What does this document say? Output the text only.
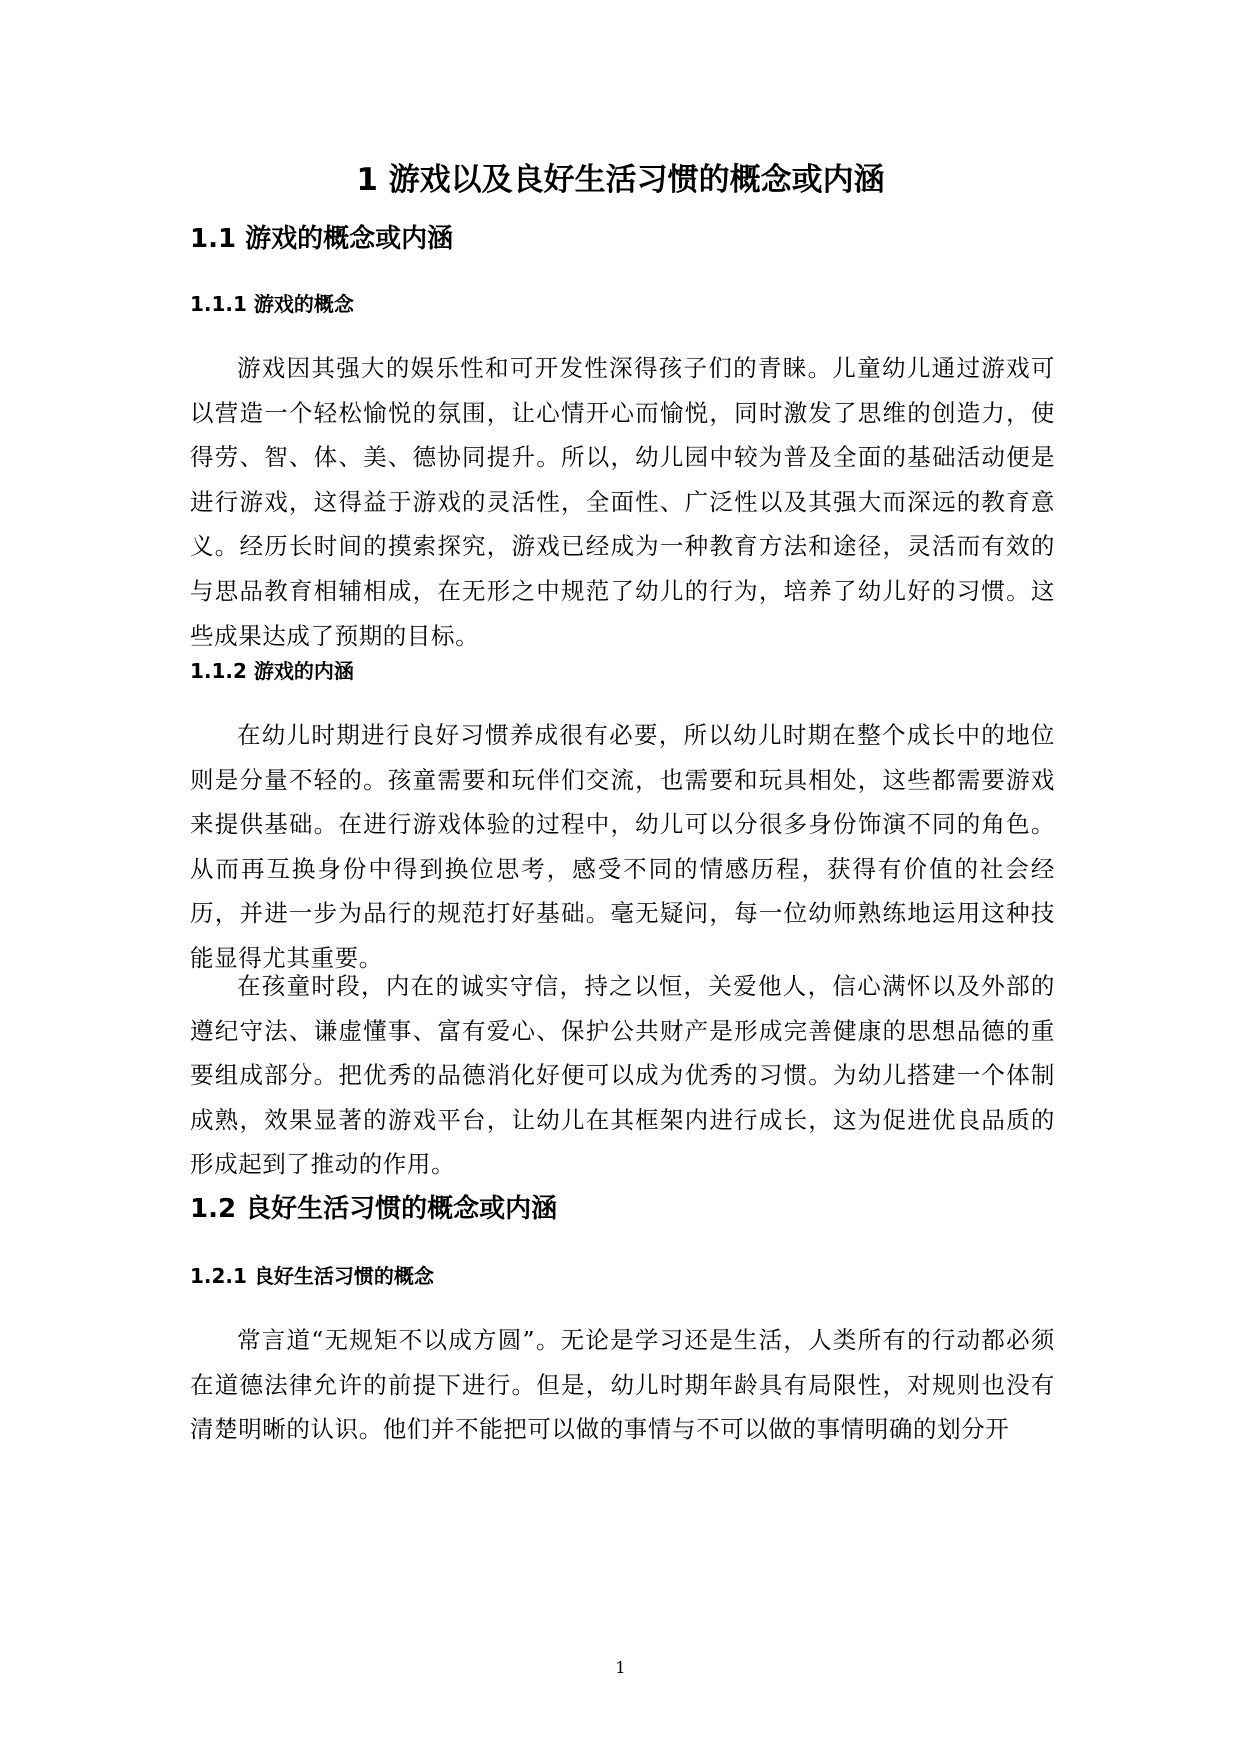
1 游戏以及良好生活习惯的概念或内涵
1.1 游戏的概念或内涵
1.1.1 游戏的概念

游戏因其强大的娱乐性和可开发性深得孩子们的青睐。儿童幼儿通过游戏可以营造一个轻松愉悦的氛围，让心情开心而愉悦，同时激发了思维的创造力，使得劳、智、体、美、德协同提升。所以，幼儿园中较为普及全面的基础活动便是进行游戏，这得益于游戏的灵活性，全面性、广泛性以及其强大而深远的教育意义。经历长时间的摸索探究，游戏已经成为一种教育方法和途径，灵活而有效的与思品教育相辅相成，在无形之中规范了幼儿的行为，培养了幼儿好的习惯。这些成果达成了预期的目标。

1.1.2 游戏的内涵

在幼儿时期进行良好习惯养成很有必要，所以幼儿时期在整个成长中的地位则是分量不轻的。孩童需要和玩伴们交流，也需要和玩具相处，这些都需要游戏来提供基础。在进行游戏体验的过程中，幼儿可以分很多身份饰演不同的角色。从而再互换身份中得到换位思考，感受不同的情感历程，获得有价值的社会经历，并进一步为品行的规范打好基础。毫无疑问，每一位幼师熟练地运用这种技能显得尤其重要。

在孩童时段，内在的诚实守信，持之以恒，关爱他人，信心满怀以及外部的遵纪守法、谦虚懂事、富有爱心、保护公共财产是形成完善健康的思想品德的重要组成部分。把优秀的品德消化好便可以成为优秀的习惯。为幼儿搭建一个体制成熟，效果显著的游戏平台，让幼儿在其框架内进行成长，这为促进优良品质的形成起到了推动的作用。

1.2 良好生活习惯的概念或内涵
1.2.1 良好生活习惯的概念

常言道“无规矩不以成方圆”。无论是学习还是生活，人类所有的行动都必须在道德法律允许的前提下进行。但是，幼儿时期年龄具有局限性，对规则也没有清楚明晰的认识。他们并不能把可以做的事情与不可以做的事情明确的划分开

1
